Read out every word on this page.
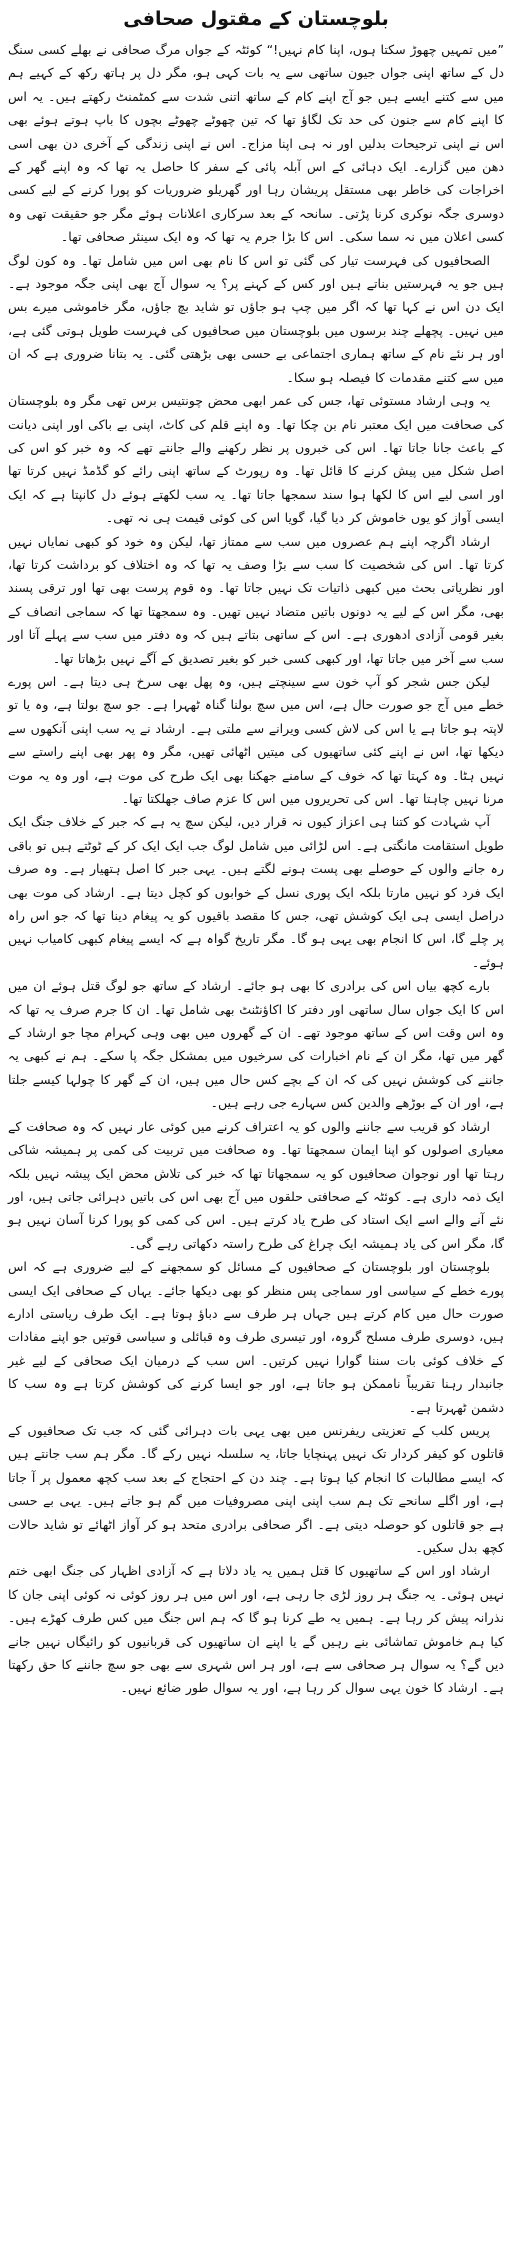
بلوچستان کے مقتول صحافی

”میں تمہیں چھوڑ سکتا ہوں، اپنا کام نہیں!“ کوئٹہ کے جواں مرگ صحافی نے بھلے کسی سنگ دل کے ساتھ اپنی جواں جیون ساتھی سے یہ بات کہی ہو، مگر دل پر ہاتھ رکھ کے کہیے ہم میں سے کتنے ایسے ہیں جو آج اپنے کام کے ساتھ اتنی شدت سے کمٹمنٹ رکھتے ہیں۔ یہ اس کا اپنے کام سے جنون کی حد تک لگاؤ تھا کہ تین چھوٹے چھوٹے بچوں کا باپ ہوتے ہوئے بھی اس نے اپنی ترجیحات بدلیں اور نہ ہی اپنا مزاج۔ اس نے اپنی زندگی کے آخری دن بھی اسی دھن میں گزارے۔ ایک دہائی کے اس آبلہ پائی کے سفر کا حاصل یہ تھا کہ وہ اپنے گھر کے اخراجات کی خاطر بھی مستقل پریشان رہا اور گھریلو ضروریات کو پورا کرنے کے لیے کسی دوسری جگہ نوکری کرنا پڑتی۔ سانحہ کے بعد سرکاری اعلانات ہوئے مگر جو حقیقت تھی وہ کسی اعلان میں نہ سما سکی۔ اس کا بڑا جرم یہ تھا کہ وہ ایک سینئر صحافی تھا۔

الصحافیوں کی فہرست تیار کی گئی تو اس کا نام بھی اس میں شامل تھا۔ وہ کون لوگ ہیں جو یہ فہرستیں بناتے ہیں اور کس کے کہنے پر؟ یہ سوال آج بھی اپنی جگہ موجود ہے۔ ایک دن اس نے کہا تھا کہ اگر میں چپ ہو جاؤں تو شاید بچ جاؤں، مگر خاموشی میرے بس میں نہیں۔ پچھلے چند برسوں میں بلوچستان میں صحافیوں کی فہرست طویل ہوتی گئی ہے، اور ہر نئے نام کے ساتھ ہماری اجتماعی بے حسی بھی بڑھتی گئی۔ یہ بتانا ضروری ہے کہ ان میں سے کتنے مقدمات کا فیصلہ ہو سکا۔

یہ وہی ارشاد مستوئی تھا، جس کی عمر ابھی محض چونتیس برس تھی مگر وہ بلوچستان کی صحافت میں ایک معتبر نام بن چکا تھا۔ وہ اپنے قلم کی کاٹ، اپنی بے باکی اور اپنی دیانت کے باعث جانا جاتا تھا۔ اس کی خبروں پر نظر رکھنے والے جانتے تھے کہ وہ خبر کو اس کی اصل شکل میں پیش کرنے کا قائل تھا۔ وہ رپورٹ کے ساتھ اپنی رائے کو گڈمڈ نہیں کرتا تھا اور اسی لیے اس کا لکھا ہوا سند سمجھا جاتا تھا۔ یہ سب لکھتے ہوئے دل کانپتا ہے کہ ایک ایسی آواز کو یوں خاموش کر دیا گیا، گویا اس کی کوئی قیمت ہی نہ تھی۔

ارشاد اگرچہ اپنے ہم عصروں میں سب سے ممتاز تھا، لیکن وہ خود کو کبھی نمایاں نہیں کرتا تھا۔ اس کی شخصیت کا سب سے بڑا وصف یہ تھا کہ وہ اختلاف کو برداشت کرتا تھا، اور نظریاتی بحث میں کبھی ذاتیات تک نہیں جاتا تھا۔ وہ قوم پرست بھی تھا اور ترقی پسند بھی، مگر اس کے لیے یہ دونوں باتیں متضاد نہیں تھیں۔ وہ سمجھتا تھا کہ سماجی انصاف کے بغیر قومی آزادی ادھوری ہے۔ اس کے ساتھی بتاتے ہیں کہ وہ دفتر میں سب سے پہلے آتا اور سب سے آخر میں جاتا تھا، اور کبھی کسی خبر کو بغیر تصدیق کے آگے نہیں بڑھاتا تھا۔

لیکن جس شجر کو آپ خون سے سینچتے ہیں، وہ پھل بھی سرخ ہی دیتا ہے۔ اس پورے خطے میں آج جو صورت حال ہے، اس میں سچ بولنا گناہ ٹھہرا ہے۔ جو سچ بولتا ہے، وہ یا تو لاپتہ ہو جاتا ہے یا اس کی لاش کسی ویرانے سے ملتی ہے۔ ارشاد نے یہ سب اپنی آنکھوں سے دیکھا تھا، اس نے اپنے کئی ساتھیوں کی میتیں اٹھائی تھیں، مگر وہ پھر بھی اپنے راستے سے نہیں ہٹا۔ وہ کہتا تھا کہ خوف کے سامنے جھکنا بھی ایک طرح کی موت ہے، اور وہ یہ موت مرنا نہیں چاہتا تھا۔ اس کی تحریروں میں اس کا عزم صاف جھلکتا تھا۔

آپ شہادت کو کتنا ہی اعزاز کیوں نہ قرار دیں، لیکن سچ یہ ہے کہ جبر کے خلاف جنگ ایک طویل استقامت مانگتی ہے۔ اس لڑائی میں شامل لوگ جب ایک ایک کر کے ٹوٹتے ہیں تو باقی رہ جانے والوں کے حوصلے بھی پست ہونے لگتے ہیں۔ یہی جبر کا اصل ہتھیار ہے۔ وہ صرف ایک فرد کو نہیں مارتا بلکہ ایک پوری نسل کے خوابوں کو کچل دیتا ہے۔ ارشاد کی موت بھی دراصل ایسی ہی ایک کوشش تھی، جس کا مقصد باقیوں کو یہ پیغام دینا تھا کہ جو اس راہ پر چلے گا، اس کا انجام بھی یہی ہو گا۔ مگر تاریخ گواہ ہے کہ ایسے پیغام کبھی کامیاب نہیں ہوئے۔

بارے کچھ بیاں اس کی برادری کا بھی ہو جائے۔ ارشاد کے ساتھ جو لوگ قتل ہوئے ان میں اس کا ایک جواں سال ساتھی اور دفتر کا اکاؤنٹنٹ بھی شامل تھا۔ ان کا جرم صرف یہ تھا کہ وہ اس وقت اس کے ساتھ موجود تھے۔ ان کے گھروں میں بھی وہی کہرام مچا جو ارشاد کے گھر میں تھا، مگر ان کے نام اخبارات کی سرخیوں میں بمشکل جگہ پا سکے۔ ہم نے کبھی یہ جاننے کی کوشش نہیں کی کہ ان کے بچے کس حال میں ہیں، ان کے گھر کا چولہا کیسے جلتا ہے، اور ان کے بوڑھے والدین کس سہارے جی رہے ہیں۔

ارشاد کو قریب سے جاننے والوں کو یہ اعتراف کرنے میں کوئی عار نہیں کہ وہ صحافت کے معیاری اصولوں کو اپنا ایمان سمجھتا تھا۔ وہ صحافت میں تربیت کی کمی پر ہمیشہ شاکی رہتا تھا اور نوجوان صحافیوں کو یہ سمجھاتا تھا کہ خبر کی تلاش محض ایک پیشہ نہیں بلکہ ایک ذمہ داری ہے۔ کوئٹہ کے صحافتی حلقوں میں آج بھی اس کی باتیں دہرائی جاتی ہیں، اور نئے آنے والے اسے ایک استاد کی طرح یاد کرتے ہیں۔ اس کی کمی کو پورا کرنا آسان نہیں ہو گا، مگر اس کی یاد ہمیشہ ایک چراغ کی طرح راستہ دکھاتی رہے گی۔

بلوچستان اور بلوچستان کے صحافیوں کے مسائل کو سمجھنے کے لیے ضروری ہے کہ اس پورے خطے کے سیاسی اور سماجی پس منظر کو بھی دیکھا جائے۔ یہاں کے صحافی ایک ایسی صورت حال میں کام کرتے ہیں جہاں ہر طرف سے دباؤ ہوتا ہے۔ ایک طرف ریاستی ادارے ہیں، دوسری طرف مسلح گروہ، اور تیسری طرف وہ قبائلی و سیاسی قوتیں جو اپنے مفادات کے خلاف کوئی بات سننا گوارا نہیں کرتیں۔ اس سب کے درمیان ایک صحافی کے لیے غیر جانبدار رہنا تقریباً ناممکن ہو جاتا ہے، اور جو ایسا کرنے کی کوشش کرتا ہے وہ سب کا دشمن ٹھہرتا ہے۔

پریس کلب کے تعزیتی ریفرنس میں بھی یہی بات دہرائی گئی کہ جب تک صحافیوں کے قاتلوں کو کیفر کردار تک نہیں پہنچایا جاتا، یہ سلسلہ نہیں رکے گا۔ مگر ہم سب جانتے ہیں کہ ایسے مطالبات کا انجام کیا ہوتا ہے۔ چند دن کے احتجاج کے بعد سب کچھ معمول پر آ جاتا ہے، اور اگلے سانحے تک ہم سب اپنی اپنی مصروفیات میں گم ہو جاتے ہیں۔ یہی بے حسی ہے جو قاتلوں کو حوصلہ دیتی ہے۔ اگر صحافی برادری متحد ہو کر آواز اٹھائے تو شاید حالات کچھ بدل سکیں۔

ارشاد اور اس کے ساتھیوں کا قتل ہمیں یہ یاد دلاتا ہے کہ آزادی اظہار کی جنگ ابھی ختم نہیں ہوئی۔ یہ جنگ ہر روز لڑی جا رہی ہے، اور اس میں ہر روز کوئی نہ کوئی اپنی جان کا نذرانہ پیش کر رہا ہے۔ ہمیں یہ طے کرنا ہو گا کہ ہم اس جنگ میں کس طرف کھڑے ہیں۔ کیا ہم خاموش تماشائی بنے رہیں گے یا اپنے ان ساتھیوں کی قربانیوں کو رائیگاں نہیں جانے دیں گے؟ یہ سوال ہر صحافی سے ہے، اور ہر اس شہری سے بھی جو سچ جاننے کا حق رکھتا ہے۔ ارشاد کا خون یہی سوال کر رہا ہے، اور یہ سوال طور ضائع نہیں۔
